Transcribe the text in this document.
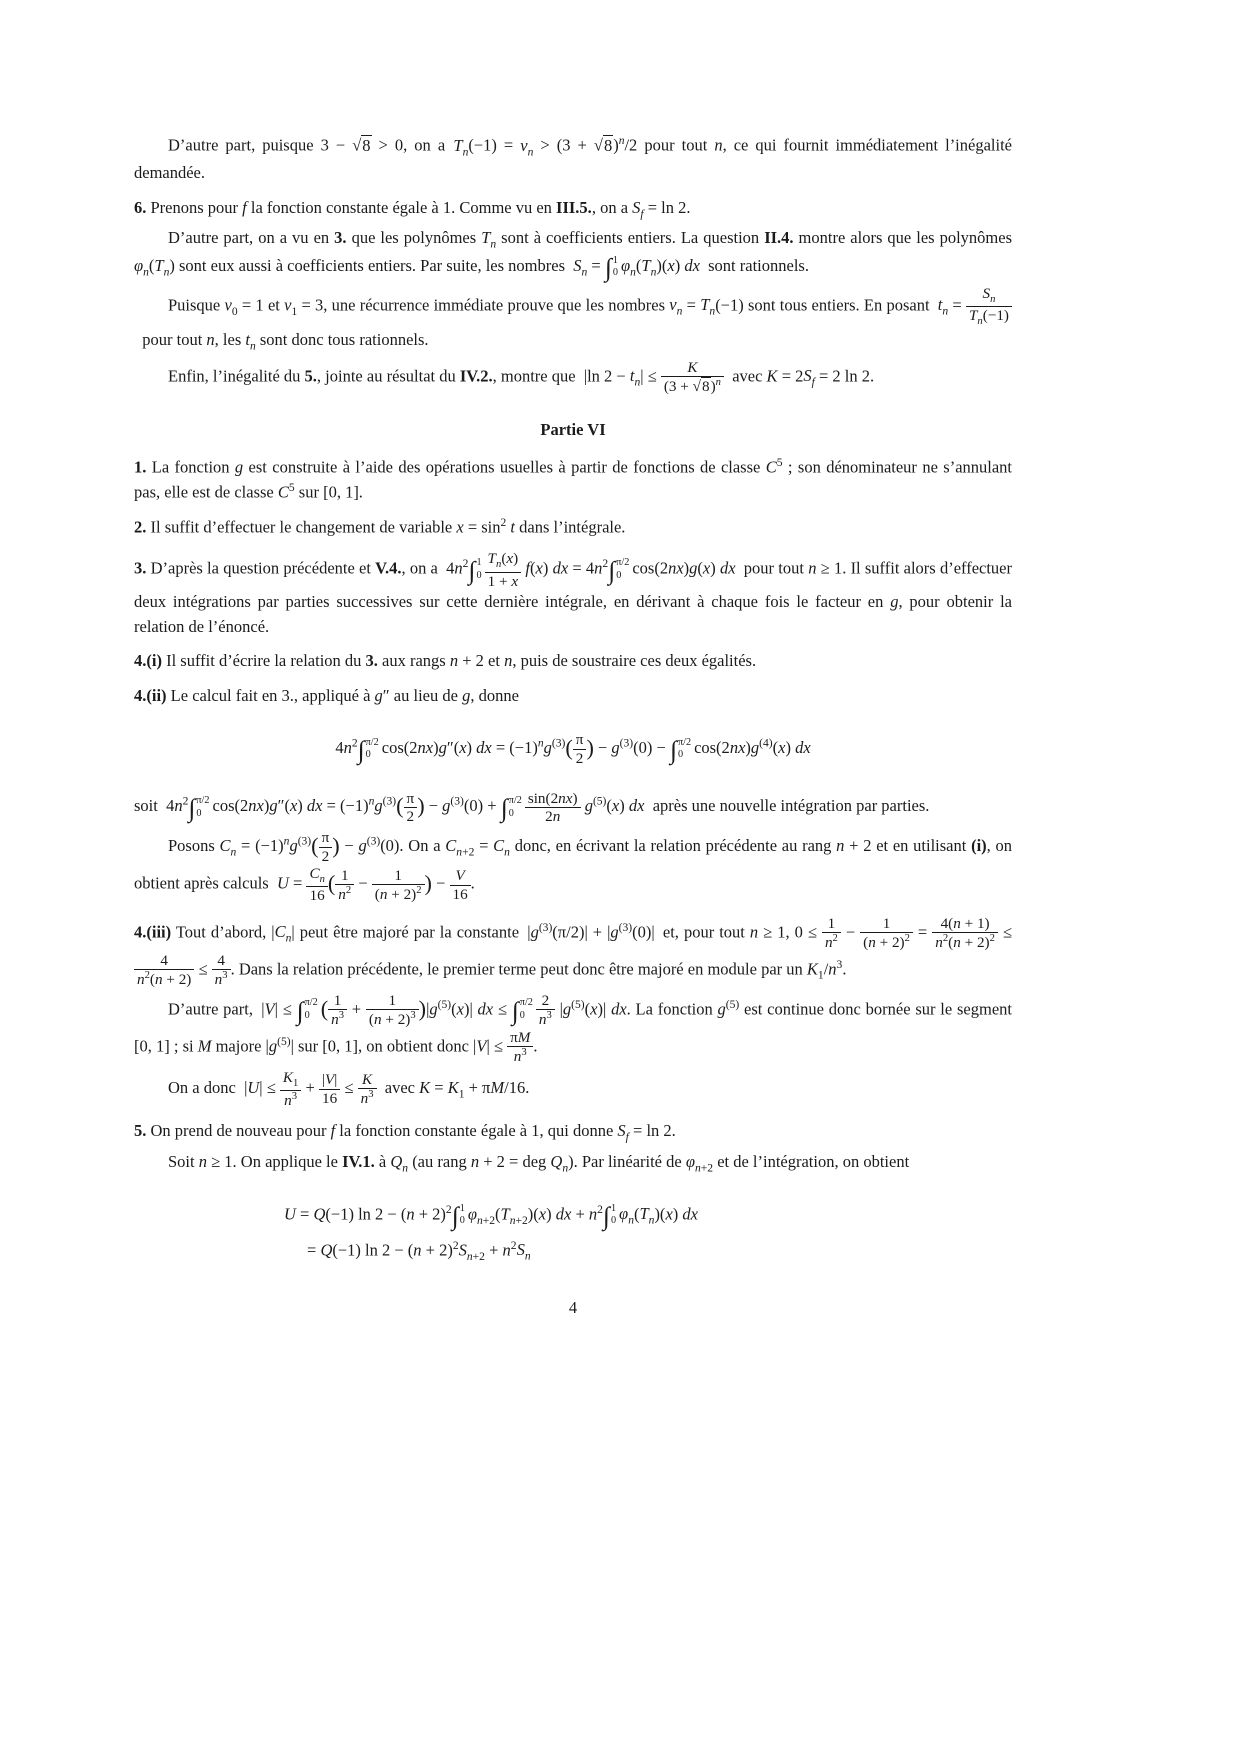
D’autre part, puisque 3 − √8 > 0, on a $T_n(-1) = v_n > (3 + √8)^n/2$ pour tout n, ce qui fournit immédiatement l’inégalité demandée.

6. Prenons pour f la fonction constante égale à 1. Comme vu en III.5., on a $S_f = \ln 2$.

D’autre part, on a vu en 3. que les polynômes $T_n$ sont à coefficients entiers. La question II.4. montre alors que les polynômes $\varphi_n(T_n)$ sont eux aussi à coefficients entiers. Par suite, les nombres $S_n$ = ∫ 1
0 $\varphi_n(T_n)(x)$ dx sont rationnels.

Puisque $v_0 = 1$ et $v_1 = 3$, une récurrence immédiate prouve que les nombres $v_n = T_n(-1)$ sont tous entiers. En posant $t_n = \frac{S_n}{T_n(-1)}$
 pour tout n, les $t_n$ sont donc tous rationnels.

Enfin, l’inégalité du 5., jointe au résultat du IV.2., montre que |ln $2 - t_n| \le \frac{K}{(3 + √8)^n}$  avec $K = 2S_f = 2$ ln 2.

Partie VI

1. La fonction g est construite à l’aide des opérations usuelles à partir de fonctions de classe $C^5$ ; son dénominateur ne s’annulant pas, elle est de classe $C^5$ sur [0, 1].

2. Il suffit d’effectuer le changement de variable $x = \sin^2 t$ dans l’intégrale.

3. D’après la question précédente et V.4., on a $4n^2\int$ 1
$0 \frac{T_n(x)}{1 + x} f(x)$ dx = $4n^2\int$ π/2
0 cos(2nx)g(x) dx pour tout n ≥ 1. Il suffit alors d’effectuer deux intégrations par parties successives sur cette dernière intégrale, en dérivant à chaque fois le facteur en g, pour obtenir la relation de l’énoncé.

4.(i) Il suffit d’écrire la relation du 3. aux rangs n + 2 et n, puis de soustraire ces deux égalités.

4.(ii) Le calcul fait en 3., appliqué à g″ au lieu de g, donne

$4n^2\int$ π/2
0 cos(2nx)g″(x) dx = $(-1)^ng^{(3)}( \frac{\pi}{2}$ ) − $g^{(3)}(0)$ − ∫ π/2
0 $\cos(2nx)g^{(4)}(x)$ dx

soit $4n^2\int$ π/2
0 cos(2nx)g″(x) dx = $(-1)^ng^{(3)}( \frac{\pi}{2}$ ) − $g^{(3)}(0)$ + ∫ π/2
$0 \frac{\sin(2nx)}{2n} g^{(5)}(x)$ dx après une nouvelle intégration par parties.

Posons $C_n = (-1)^ng^{(3)}( \frac{\pi}{2}$ ) − $g^{(3)}(0)$. On a $C_{n+2} = C_n$ donc, en écrivant la relation précédente au rang n + 2 et en utilisant (i), on obtient après calculs $U = \frac{C_n}{16}$ ( $\frac{1}{n^2} - \frac{1}{(n + 2)^2}$ ) − $\frac{V}{16}$ .

4.(iii) Tout d’abord, $|C_n|$ peut être majoré par la constante $|g^{(3)}(\pi/2)| + |g^{(3)}(0)|$ et, pour tout n ≥ 1, $0 \le \frac{1}{n^2} - \frac{1}{(n + 2)^2} = \frac{4(n + 1)}{n^2(n + 2)^2}$ ≤
$\frac{4}{n^2(n + 2)} \le \frac{4}{n^3}$ . Dans la relation précédente, le premier terme peut donc être majoré en module par un $K_1/n^3$.

D’autre part, |V| ≤ ∫ π/2
0 ( $\frac{1}{n^3} + \frac{1}{(n + 2)^3} )|g^{(5)}(x)|$ dx ≤ ∫ π/2
$0 \frac{2}{n^3} |g^{(5)}(x)|$ dx. La fonction $g^{(5)}$ est continue donc bornée sur le segment [0, 1] ; si M majore $|g^{(5)}|$ sur [0, 1], on obtient donc $|V| \le \frac{\pi M}{n^3}$ .

On a donc $|U| \le \frac{K_1}{n^3} + \frac{|V|}{16} \le \frac{K}{n^3}$  avec $K = K_1 + \pi M/16$.

5. On prend de nouveau pour f la fonction constante égale à 1, qui donne $S_f = \ln 2$.

Soit n ≥ 1. On applique le IV.1. à $Q_n$ (au rang n + 2 = deg $Q_n$). Par linéarité de $\varphi_{n+2}$ et de l’intégration, on obtient

U = Q(−1) $\ln 2 - (n + 2)^2\int$ 1
0 $\varphi_{n+2}(T_{n+2})(x)$ dx + $n^2\int$ 1
0 $\varphi_n(T_n)(x)$ dx
= Q(−1) $\ln 2 - (n + 2)^2S_{n+2} + n^2S_n$
4
